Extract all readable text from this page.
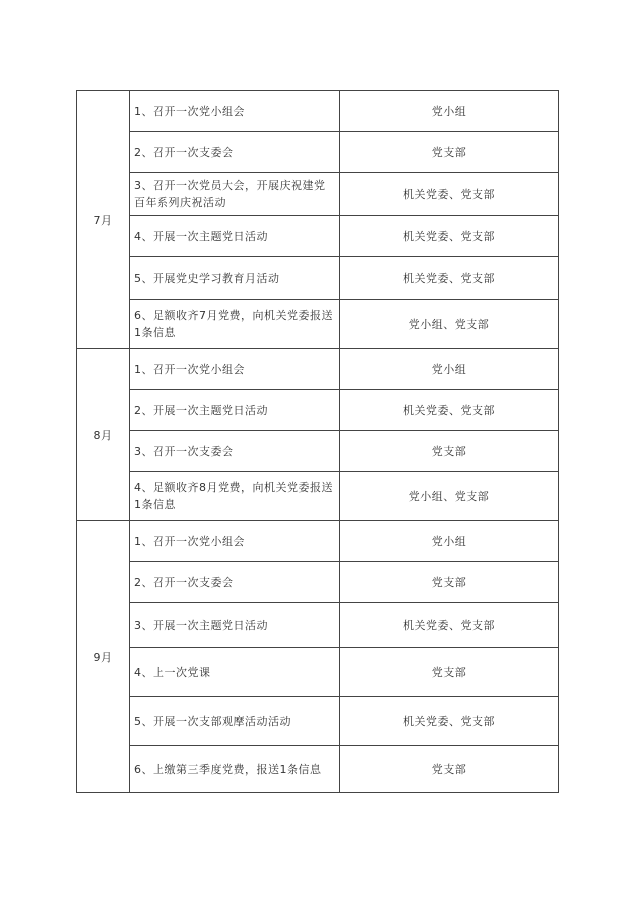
7月	1、召开一次党小组会	党小组
	2、召开一次支委会	党支部
	3、召开一次党员大会，开展庆祝建党百年系列庆祝活动	机关党委、党支部
	4、开展一次主题党日活动	机关党委、党支部
	5、开展党史学习教育月活动	机关党委、党支部
	6、足额收齐7月党费，向机关党委报送1条信息	党小组、党支部
8月	1、召开一次党小组会	党小组
	2、开展一次主题党日活动	机关党委、党支部
	3、召开一次支委会	党支部
	4、足额收齐8月党费，向机关党委报送1条信息	党小组、党支部
9月	1、召开一次党小组会	党小组
	2、召开一次支委会	党支部
	3、开展一次主题党日活动	机关党委、党支部
	4、上一次党课	党支部
	5、开展一次支部观摩活动活动	机关党委、党支部
	6、上缴第三季度党费，报送1条信息	党支部
